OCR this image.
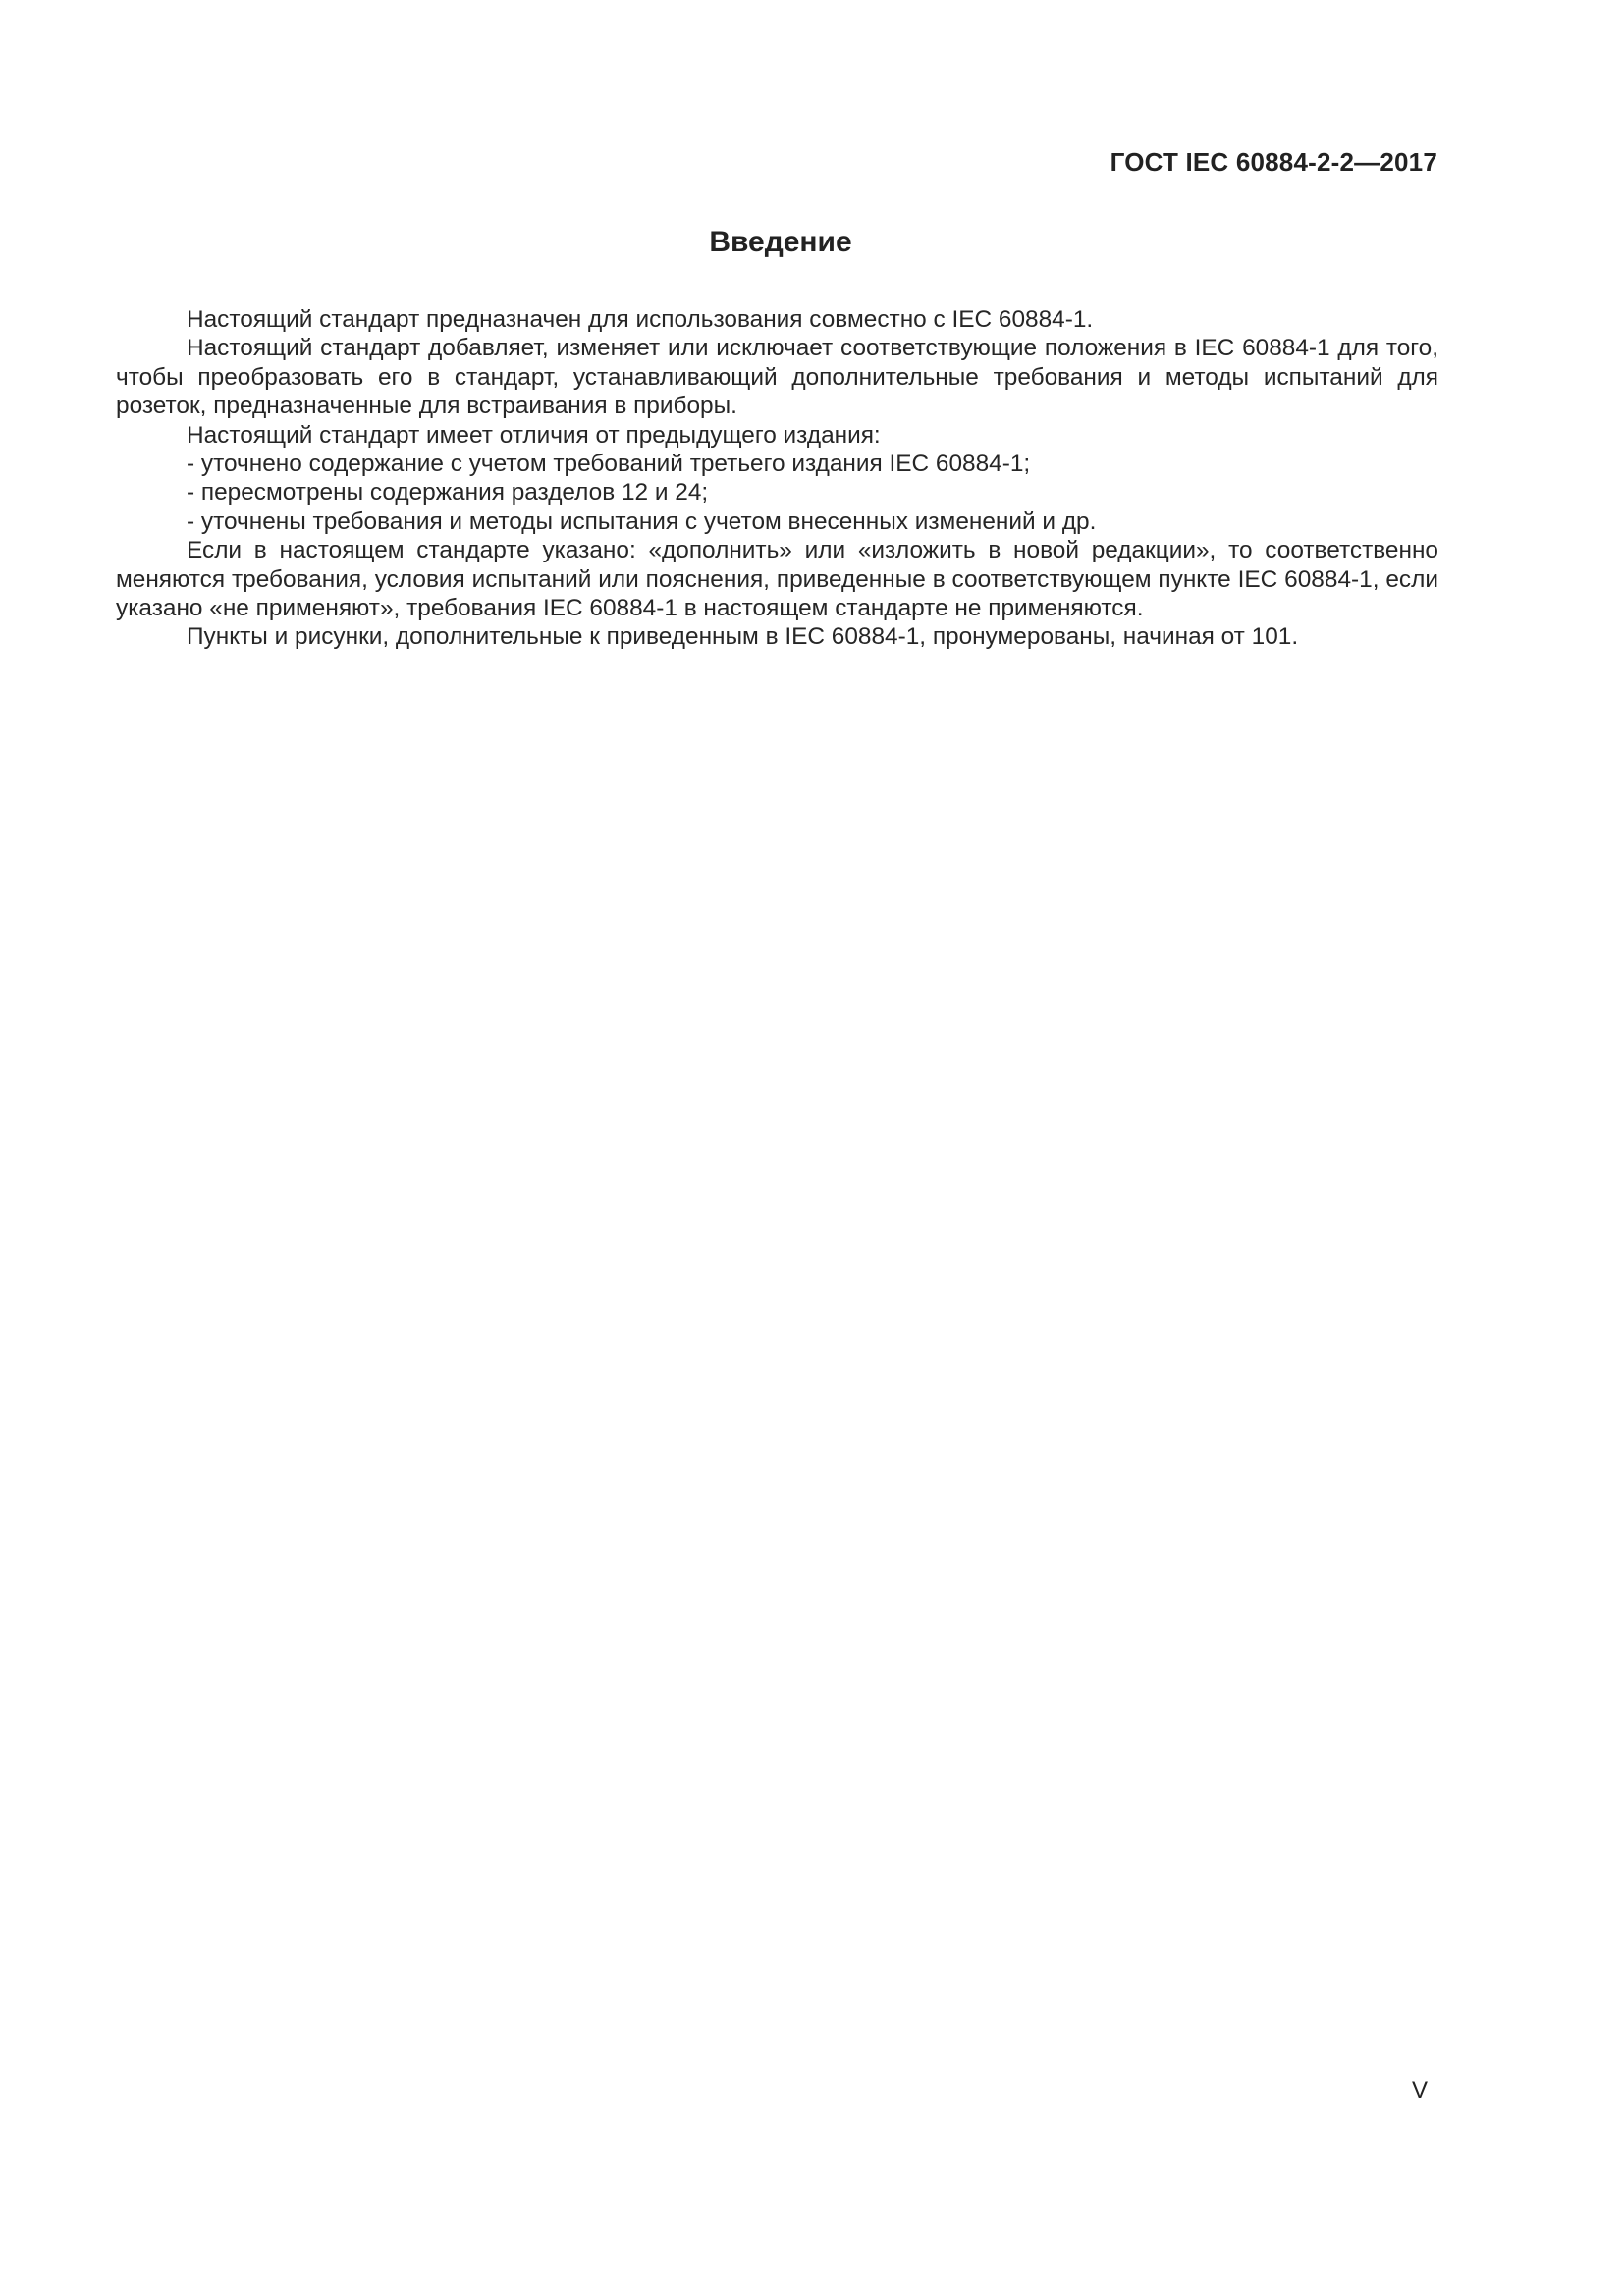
ГОСТ IEC 60884-2-2—2017
Введение

Настоящий стандарт предназначен для использования совместно с IEC 60884-1.

Настоящий стандарт добавляет, изменяет или исключает соответствующие положения в IEC 60884-1 для того, чтобы преобразовать его в стандарт, устанавливающий дополнительные требования и методы испытаний для розеток, предназначенные для встраивания в приборы.

Настоящий стандарт имеет отличия от предыдущего издания:

- уточнено содержание с учетом требований третьего издания IEC 60884-1;

- пересмотрены содержания разделов 12 и 24;

- уточнены требования и методы испытания с учетом внесенных изменений и др.

Если в настоящем стандарте указано: «дополнить» или «изложить в новой редакции», то соответственно меняются требования, условия испытаний или пояснения, приведенные в соответствующем пункте IEC 60884-1, если указано «не применяют», требования IEC 60884-1 в настоящем стандарте не применяются.

Пункты и рисунки, дополнительные к приведенным в IEC 60884-1, пронумерованы, начиная от 101.

V
